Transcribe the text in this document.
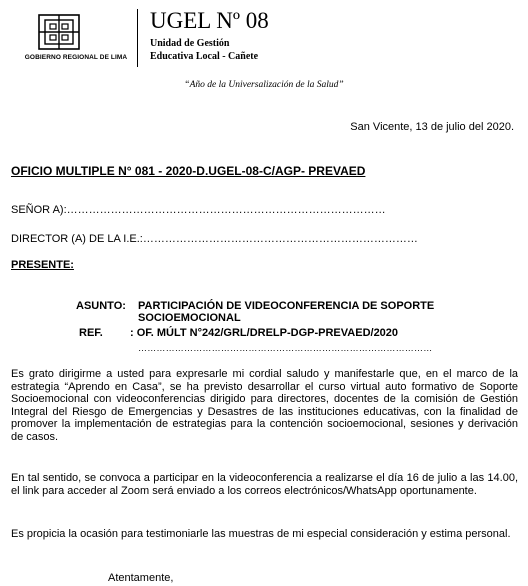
GOBIERNO REGIONAL DE LIMA
UGEL Nº 08
Unidad de Gestión
Educativa Local - Cañete
“Año de la Universalización de la Salud”
San Vicente, 13 de julio del 2020.
OFICIO MULTIPLE N° 081 - 2020-D.UGEL-08-C/AGP- PREVAED
SEÑOR A):……………………………………………………………………………
DIRECTOR (A) DE LA I.E.:…………………………………………………………………
PRESENTE:
ASUNTO: PARTICIPACIÓN DE VIDEOCONFERENCIA DE SOPORTE SOCIOEMOCIONAL
REF. : OF. MÚLT N°242/GRL/DRELP-DGP-PREVAED/2020
……………………………………………………………………………………
Es grato dirigirme a usted para expresarle mi cordial saludo y manifestarle que, en el marco de la estrategia “Aprendo en Casa”, se ha previsto desarrollar el curso virtual auto formativo de Soporte Socioemocional con videoconferencias dirigido para directores, docentes de la comisión de Gestión Integral del Riesgo de Emergencias y Desastres de las instituciones educativas, con la finalidad de promover la implementación de estrategias para la contención socioemocional, sesiones y derivación de casos.
En tal sentido, se convoca a participar en la videoconferencia a realizarse el día 16 de julio a las 14.00, el link para acceder al Zoom será enviado a los correos electrónicos/WhatsApp oportunamente.
Es propicia la ocasión para testimoniarle las muestras de mi especial consideración y estima personal.
Atentamente,
